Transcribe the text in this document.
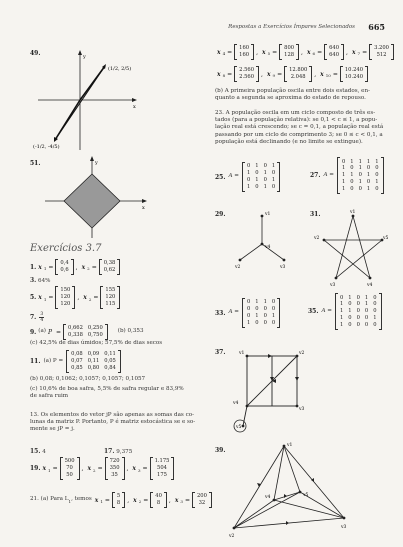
Respostas a Exercícios Ímpares Selecionados 665
49.	y
x
(1/2, 2/5)
(-1/2, -4/5)
51.	y
x
Exercícios 3.7
1. x 1 =
0,4
0,6 , x 2 =
0,38
0,62
3. 64%
5. x 1 =
150
120
120
, x 2 =
155
120
115
7. 3
4
9. (a) P =
0,662 0,250
0,338 0,750
(b) 0,353
(c) 42,5% de dias úmidos; 57,5% de dias secos
11. (a) P =
0,08 0,09 0,11
0,07 0,11 0,05
0,85 0,80 0,84
(b) 0,08; 0,1062; 0,1057; 0,1057; 0,1057
(c) 10,6% de boa safra, 5,5% de safra regular e 83,9% de safra ruim
13. Os elementos do vetor jP são apenas as somas das co-
lunas da matriz P. Portanto, P é matriz estocástica se e so-
mente se jP = j.
15. 4	17. 9,375
19. x 1 =
500
70
50
, x 2 =
720
350
35
, x 3 =
1.175
504
175
21. (a) Para L 1 , temos x 1 =
5
8 , x 2 =
40
8 , x 3 =
200
32
x 4 =
160
160 , x 5 =
800
128 , x 6 =
640
640 , x 7 =
3.200
512
x 8 =
2.560
2.560 , x 9 =
12.800
2.048 , x 10 =
10.240
10.240
(b) A primeira população oscila entre dois estados, en-
quanto a segunda se aproxima do estado de repouso.
23. A população oscila em um ciclo composto de três es-
tados (para a população relativa): se 0,1 < c ≤ 1, a popu-
lação real está crescendo; se c = 0,1, a população real está
passando por um ciclo de comprimento 3; se 0 ≤ c < 0,1, a
população está declinando (e no limite se extingue).
25. A =
0 1 0 1
1 0 1 0
0 1 0 1
1 0 1 0
27. A =
0 1 1 1 1
1 0 1 0 0
1 1 0 1 0
1 0 1 0 1
1 0 0 1 0
29.	v1
v4
v2	v3
31.	v1
v2	v5
v3	v4
33. A =
0 1 1 0
0 0 0 0
0 1 0 1
1 0 0 0
35. A =
0 1 0 1 0
1 0 0 1 0
1 1 0 0 0
1 0 0 0 1
1 0 0 0 0
37.	v1	v2
v3
v4
v5
39.
v1
v2
v3
v4	v5
